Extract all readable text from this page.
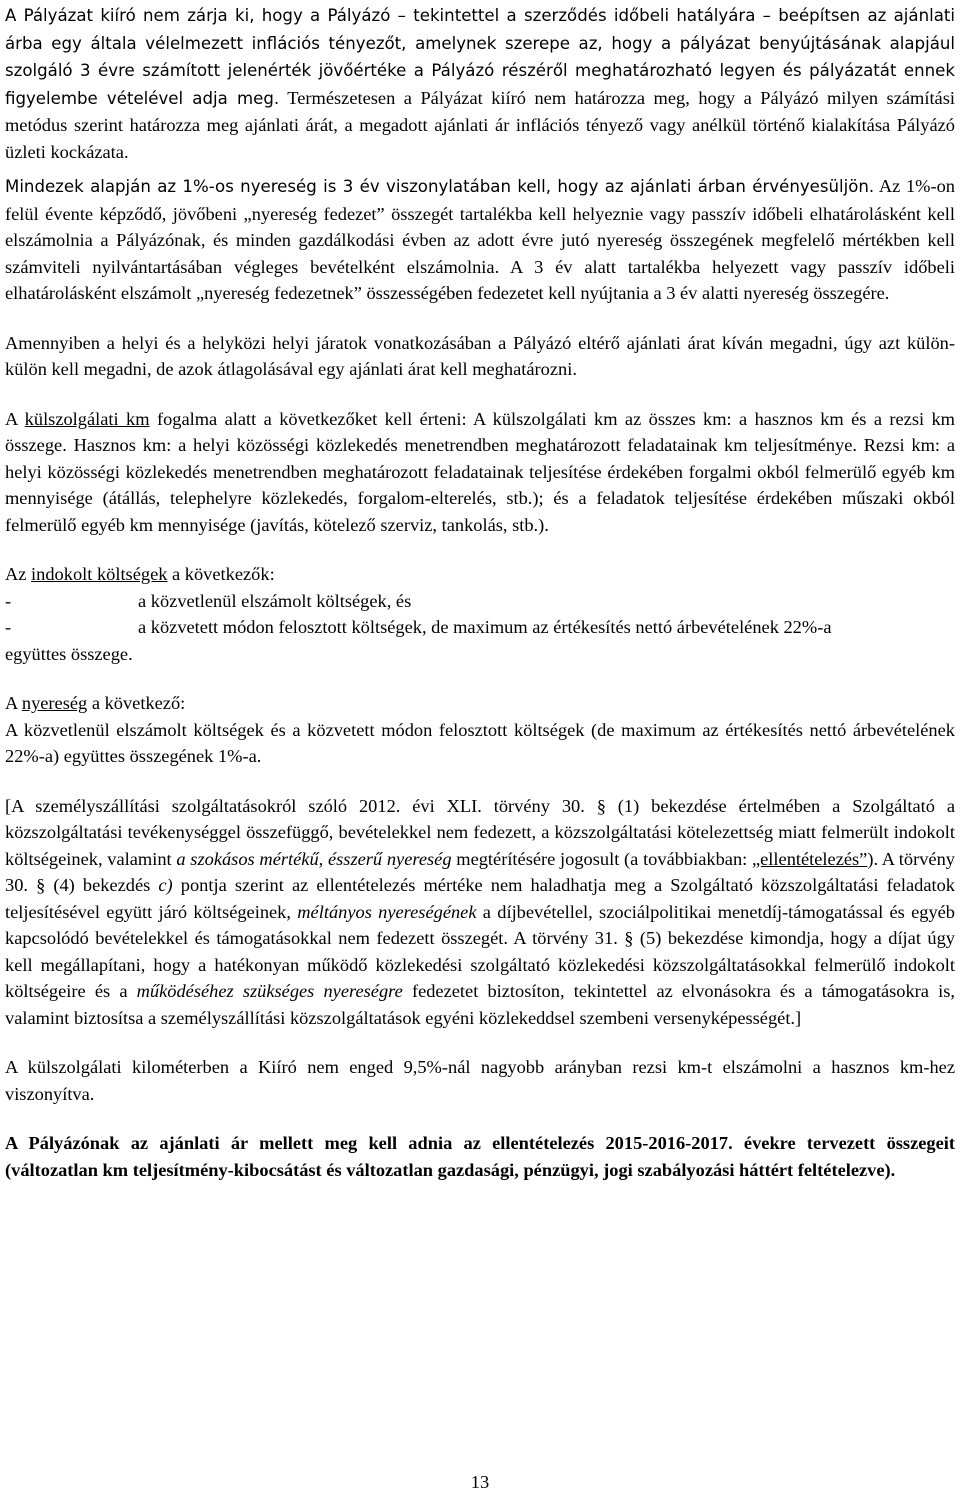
A Pályázat kiíró nem zárja ki, hogy a Pályázó – tekintettel a szerződés időbeli hatályára – beépítsen az ajánlati árba egy általa vélelmezett inflációs tényezőt, amelynek szerepe az, hogy a pályázat benyújtásának alapjául szolgáló 3 évre számított jelenérték jövőértéke a Pályázó részéről meghatározható legyen és pályázatát ennek figyelembe vételével adja meg. Természetesen a Pályázat kiíró nem határozza meg, hogy a Pályázó milyen számítási metódus szerint határozza meg ajánlati árát, a megadott ajánlati ár inflációs tényező vagy anélkül történő kialakítása Pályázó üzleti kockázata.

Mindezek alapján az 1%-os nyereség is 3 év viszonylatában kell, hogy az ajánlati árban érvényesüljön. Az 1%-on felül évente képződő, jövőbeni „nyereség fedezet” összegét tartalékba kell helyeznie vagy passzív időbeli elhatárolásként kell elszámolnia a Pályázónak, és minden gazdálkodási évben az adott évre jutó nyereség összegének megfelelő mértékben kell számviteli nyilvántartásában végleges bevételként elszámolnia. A 3 év alatt tartalékba helyezett vagy passzív időbeli elhatárolásként elszámolt „nyereség fedezetnek” összességében fedezetet kell nyújtania a 3 év alatti nyereség összegére.

Amennyiben a helyi és a helyközi helyi járatok vonatkozásában a Pályázó eltérő ajánlati árat kíván megadni, úgy azt külön-külön kell megadni, de azok átlagolásával egy ajánlati árat kell meghatározni.

A külszolgálati km fogalma alatt a következőket kell érteni: A külszolgálati km az összes km: a hasznos km és a rezsi km összege. Hasznos km: a helyi közösségi közlekedés menetrendben meghatározott feladatainak km teljesítménye. Rezsi km: a helyi közösségi közlekedés menetrendben meghatározott feladatainak teljesítése érdekében forgalmi okból felmerülő egyéb km mennyisége (átállás, telephelyre közlekedés, forgalom-elterelés, stb.); és a feladatok teljesítése érdekében műszaki okból felmerülő egyéb km mennyisége (javítás, kötelező szerviz, tankolás, stb.).

Az indokolt költségek a következők:

-	a közvetlenül elszámolt költségek, és
-	a közvetett módon felosztott költségek, de maximum az értékesítés nettó árbevételének 22%-a

együttes összege.

A nyereség a következő:

A közvetlenül elszámolt költségek és a közvetett módon felosztott költségek (de maximum az értékesítés nettó árbevételének 22%-a) együttes összegének 1%-a.

[A személyszállítási szolgáltatásokról szóló 2012. évi XLI. törvény 30. § (1) bekezdése értelmében a Szolgáltató a közszolgáltatási tevékenységgel összefüggő, bevételekkel nem fedezett, a közszolgáltatási kötelezettség miatt felmerült indokolt költségeinek, valamint a szokásos mértékű, ésszerű nyereség megtérítésére jogosult (a továbbiakban: „ellentételezés”). A törvény 30. § (4) bekezdés c) pontja szerint az ellentételezés mértéke nem haladhatja meg a Szolgáltató közszolgáltatási feladatok teljesítésével együtt járó költségeinek, méltányos nyereségének a díjbevétellel, szociálpolitikai menetdíj-támogatással és egyéb kapcsolódó bevételekkel és támogatásokkal nem fedezett összegét. A törvény 31. § (5) bekezdése kimondja, hogy a díjat úgy kell megállapítani, hogy a hatékonyan működő közlekedési szolgáltató közlekedési közszolgáltatásokkal felmerülő indokolt költségeire és a működéséhez szükséges nyereségre fedezetet biztosíton, tekintettel az elvonásokra és a támogatásokra is, valamint biztosítsa a személyszállítási közszolgáltatások egyéni közlekeddsel szembeni versenyképességét.]

A külszolgálati kilométerben a Kiíró nem enged 9,5%-nál nagyobb arányban rezsi km-t elszámolni a hasznos km-hez viszonyítva.

A Pályázónak az ajánlati ár mellett meg kell adnia az ellentételezés 2015-2016-2017. évekre tervezett összegeit (változatlan km teljesítmény-kibocsátást és változatlan gazdasági, pénzügyi, jogi szabályozási háttért feltételezve).

13
